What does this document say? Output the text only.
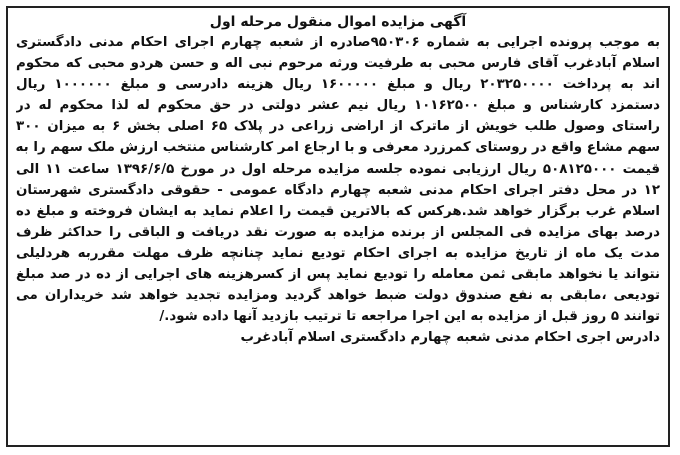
آگهی مزایده اموال منقول مرحله اول
به موجب پرونده اجرایی به شماره ۹۵۰۳۰۶صادره از شعبه چهارم اجرای احکام مدنی دادگستری
اسلام آبادغرب آقای فارس محبی به طرفیت ورثه مرحوم نبی اله و حسن هردو محبی که محکوم
اند به پرداخت ۲۰۳۲۵۰۰۰۰ ریال و مبلغ ۱۶۰۰۰۰۰ ریال هزینه دادرسی و مبلغ ۱۰۰۰۰۰۰ ریال
دستمزد کارشناس و مبلغ ۱۰۱۶۲۵۰۰ ریال نیم عشر دولتی در حق محکوم له لذا محکوم له در
راستای وصول طلب خویش از ماترک از اراضی زراعی در پلاک ۶۵ اصلی بخش ۶ به میزان ۳۰۰
سهم مشاع واقع در روستای کمرزرد معرفی و با ارجاع امر کارشناس منتخب ارزش ملک سهم را به
قیمت ۵۰۸۱۲۵۰۰۰ ریال ارزیابی نموده جلسه مزایده مرحله اول در مورخ ۱۳۹۶/۶/۵ ساعت ۱۱ الی
۱۲ در محل دفتر اجرای احکام مدنی شعبه چهارم دادگاه عمومی - حقوقی دادگستری شهرستان
اسلام غرب برگزار خواهد شد.هرکس که بالاترین قیمت را اعلام نماید به ایشان فروخته و مبلغ ده
درصد بهای مزایده فی المجلس از برنده مزایده به صورت نقد دریافت و الباقی را حداکثر ظرف
مدت یک ماه از تاریخ مزایده به اجرای احکام تودیع نماید چنانچه ظرف مهلت مقرربه هردلیلی
نتواند یا نخواهد مابقی ثمن معامله را تودیع نماید پس از کسرهزینه های اجرایی از ده در صد مبلغ
تودیعی ،مابقی به نفع صندوق دولت ضبط خواهد گردید ومزایده تجدید خواهد شد خریداران می
توانند ۵ روز قبل از مزایده به این اجرا مراجعه تا ترتیب بازدید آنها داده شود./
دادرس اجری احکام مدنی شعبه چهارم دادگستری اسلام آبادغرب
